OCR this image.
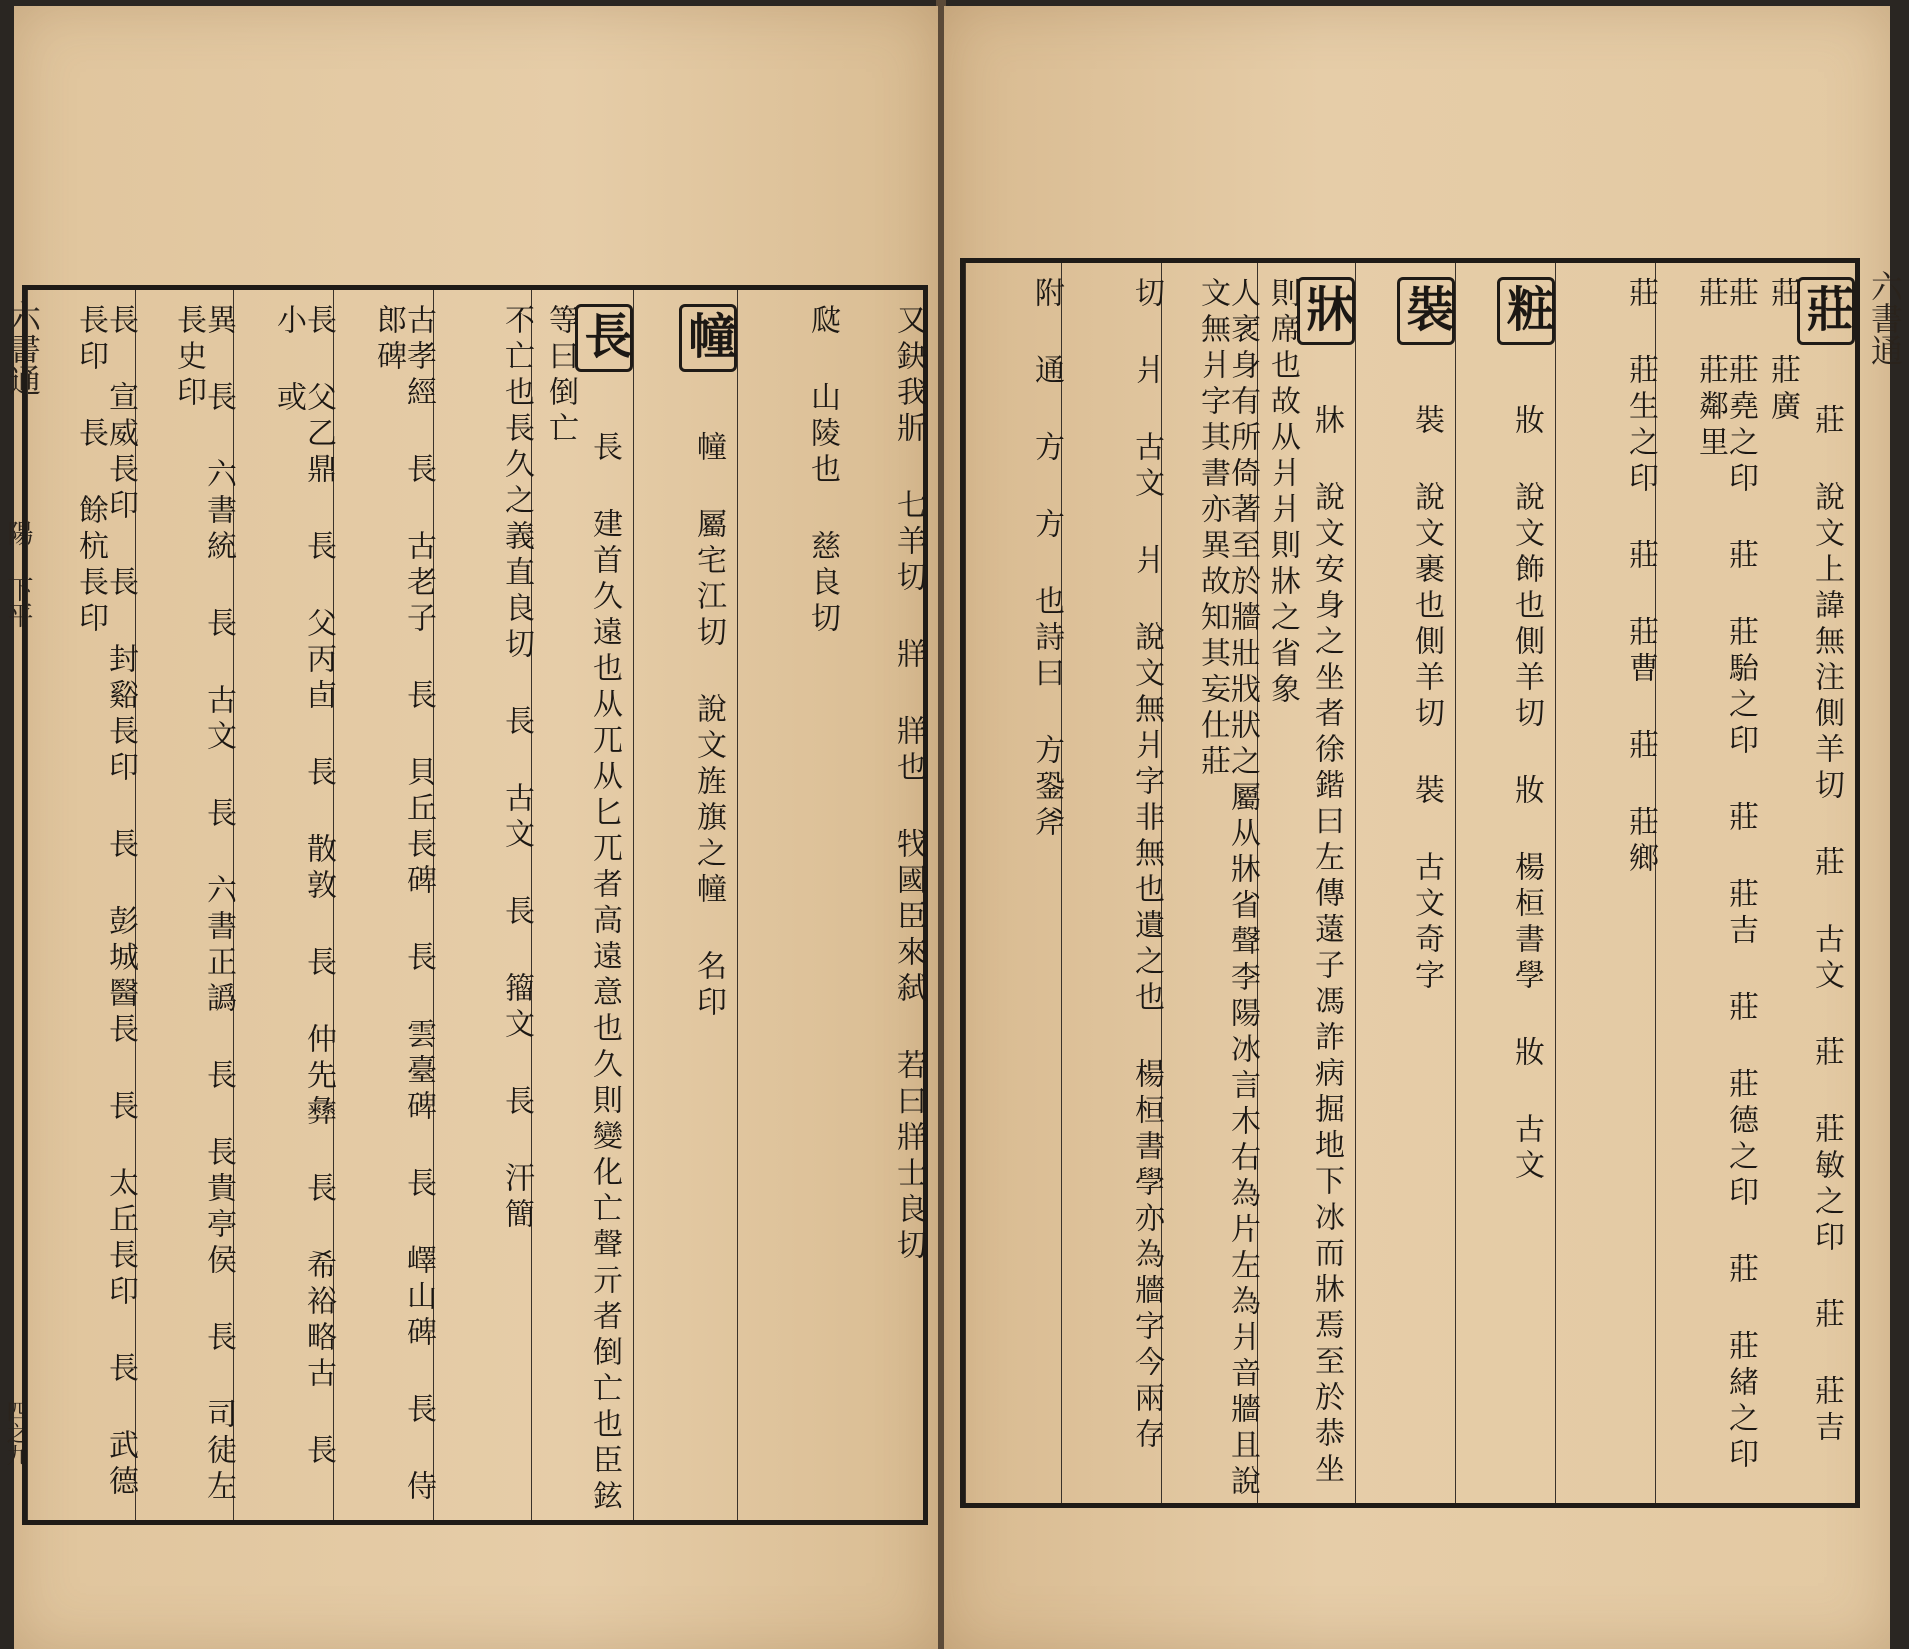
六書通
陽 下平
四之九
六書通
又鈌我斨 七羊切 牂 牂也 牫國臣來弑 若曰牂士良切
㼉 山陵也 慈良切
幢 幢 屬宅江切 說文旌旗之幢 名印
長 長 建首久遠也从兀从匕兀者高遠意也久則變化亡聲亓者倒亡也臣鉉等曰倒亡
不亡也長久之義直良切 長 古文 長 籀文 長 汗簡
古孝經 長 古老子 長 貝丘長碑 長 雲臺碑 長 嶧山碑 長 侍郎碑
長 父乙鼎 長 父丙卣 長 散敦 長 仲先彝 長 希裕略古 長 小 或
異 長 六書統 長 古文 長 六書正譌 長 長貴亭侯 長 司徒左長史印
長 宣威長印 長 封谿長印 長 彭城醫長 長 太丘長印 長 武德長印 長 餘杭長印	莊 莊 說文上諱無注側羊切 莊 古文 莊 莊敏之印 莊 莊吉 莊 莊廣
莊 莊堯之印 莊 莊駘之印 莊 莊吉 莊 莊德之印 莊 莊緒之印 莊 莊鄰里
莊 莊生之印 莊 莊曹 莊 莊鄉
粧 妝 說文飾也側羊切 妝 楊桓書學 妝 古文
裝 裝 說文裹也側羊切 裝 古文奇字
牀 牀 說文安身之坐者徐鍇曰左傳薳子馮詐病掘地下冰而牀焉至於恭坐則席也故从爿爿則牀之省象
人衺身有所倚著至於牆壯戕狀之屬从牀省聲李陽冰言木右為片左為爿音牆且說文無爿字其書亦異故知其妄仕莊
切 爿 古文 爿 說文無爿字非無也遺之也 楊桓書學亦為牆字今兩存
附 通 方 方 也詩曰 方銎斧
